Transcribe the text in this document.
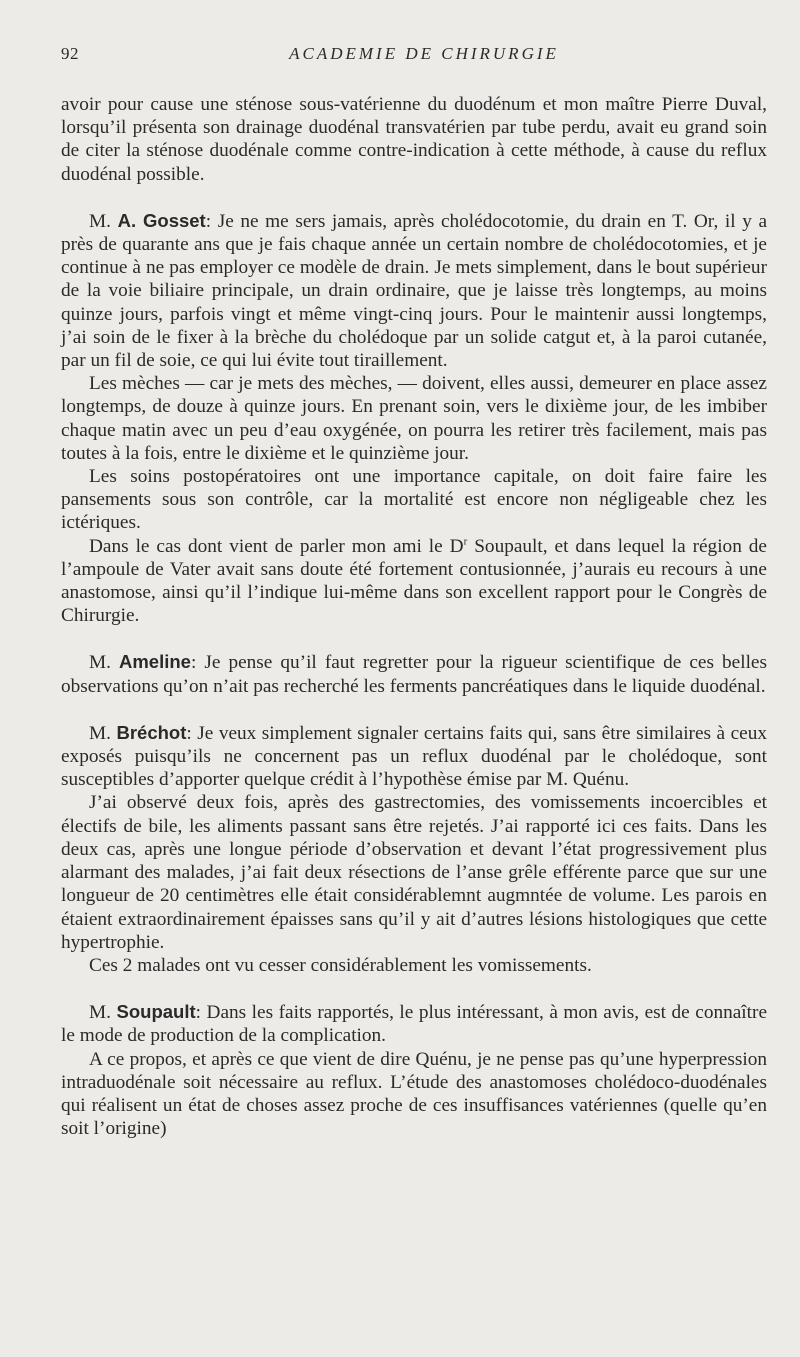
92	ACADEMIE DE CHIRURGIE

avoir pour cause une sténose sous-vatérienne du duodénum et mon maître Pierre Duval, lorsqu’il présenta son drainage duodénal transvatérien par tube perdu, avait eu grand soin de citer la sténose duodénale comme contre-indication à cette méthode, à cause du reflux duodénal possible.

M. A. Gosset: Je ne me sers jamais, après cholédocotomie, du drain en T. Or, il y a près de quarante ans que je fais chaque année un certain nombre de cholédocotomies, et je continue à ne pas employer ce modèle de drain. Je mets simplement, dans le bout supérieur de la voie biliaire principale, un drain ordinaire, que je laisse très longtemps, au moins quinze jours, parfois vingt et même vingt-cinq jours. Pour le maintenir aussi longtemps, j’ai soin de le fixer à la brèche du cholédoque par un solide catgut et, à la paroi cutanée, par un fil de soie, ce qui lui évite tout tiraillement.

Les mèches — car je mets des mèches, — doivent, elles aussi, demeurer en place assez longtemps, de douze à quinze jours. En prenant soin, vers le dixième jour, de les imbiber chaque matin avec un peu d’eau oxygénée, on pourra les retirer très facilement, mais pas toutes à la fois, entre le dixième et le quinzième jour.

Les soins postopératoires ont une importance capitale, on doit faire faire les pansements sous son contrôle, car la mortalité est encore non négligeable chez les ictériques.

Dans le cas dont vient de parler mon ami le $D^r$ Soupault, et dans lequel la région de l’ampoule de Vater avait sans doute été fortement contusionnée, j’aurais eu recours à une anastomose, ainsi qu’il l’indique lui-même dans son excellent rapport pour le Congrès de Chirurgie.

M. Ameline: Je pense qu’il faut regretter pour la rigueur scientifique de ces belles observations qu’on n’ait pas recherché les ferments pancréatiques dans le liquide duodénal.

M. Bréchot: Je veux simplement signaler certains faits qui, sans être similaires à ceux exposés puisqu’ils ne concernent pas un reflux duodénal par le cholédoque, sont susceptibles d’apporter quelque crédit à l’hypothèse émise par M. Quénu.

J’ai observé deux fois, après des gastrectomies, des vomissements incoercibles et électifs de bile, les aliments passant sans être rejetés. J’ai rapporté ici ces faits. Dans les deux cas, après une longue période d’observation et devant l’état progressivement plus alarmant des malades, j’ai fait deux résections de l’anse grêle efférente parce que sur une longueur de 20 centimètres elle était considérablemnt augmntée de volume. Les parois en étaient extraordinairement épaisses sans qu’il y ait d’autres lésions histologiques que cette hypertrophie.

Ces 2 malades ont vu cesser considérablement les vomissements.

M. Soupault: Dans les faits rapportés, le plus intéressant, à mon avis, est de connaître le mode de production de la complication.

A ce propos, et après ce que vient de dire Quénu, je ne pense pas qu’une hyperpression intraduodénale soit nécessaire au reflux. L’étude des anastomoses cholédoco-duodénales qui réalisent un état de choses assez proche de ces insuffisances vatériennes (quelle qu’en soit l’origine)
